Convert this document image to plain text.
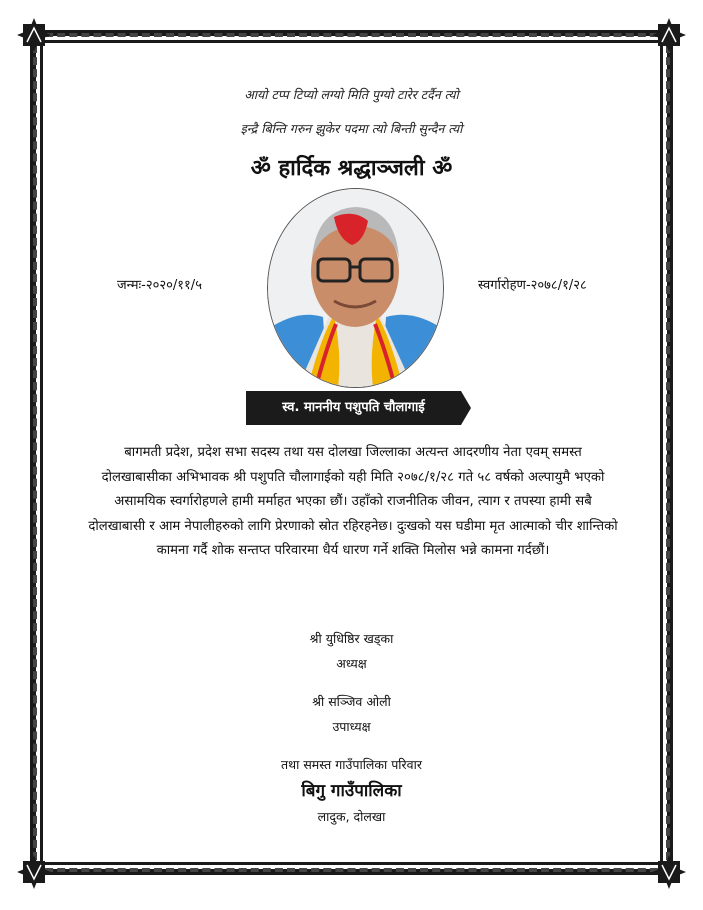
आयो टप्प टिप्यो लग्यो मिति पुग्यो टारेर टर्दैन त्यो
इन्द्रै बिन्ति गरुन झुकेर पदमा त्यो बिन्ती सुन्दैन त्यो
ॐ हार्दिक श्रद्धाञ्जली ॐ
जन्मः-२०२०/११/५	स्वर्गारोहण-२०७८/१/२८
स्व. माननीय पशुपति चौलागाई
बागमती प्रदेश, प्रदेश सभा सदस्य तथा यस दोलखा जिल्लाका अत्यन्त आदरणीय नेता एवम् समस्त दोलखाबासीका अभिभावक श्री पशुपति चौलागाईको यही मिति २०७८/१/२८ गते ५८ वर्षको अल्पायुमै भएको असामयिक स्वर्गारोहणले हामी मर्माहत भएका छौं। उहाँको राजनीतिक जीवन, त्याग र तपस्या हामी सबै दोलखाबासी र आम नेपालीहरुको लागि प्रेरणाको स्रोत रहिरहनेछ। दुःखको यस घडीमा मृत आत्माको चीर शान्तिको कामना गर्दै शोक सन्तप्त परिवारमा धैर्य धारण गर्ने शक्ति मिलोस भन्ने कामना गर्दछौं।
श्री युधिष्ठिर खड्का
अध्यक्ष
श्री सञ्जिव ओली
उपाध्यक्ष
तथा समस्त गाउँपालिका परिवार
बिगु गाउँपालिका
लादुक, दोलखा
